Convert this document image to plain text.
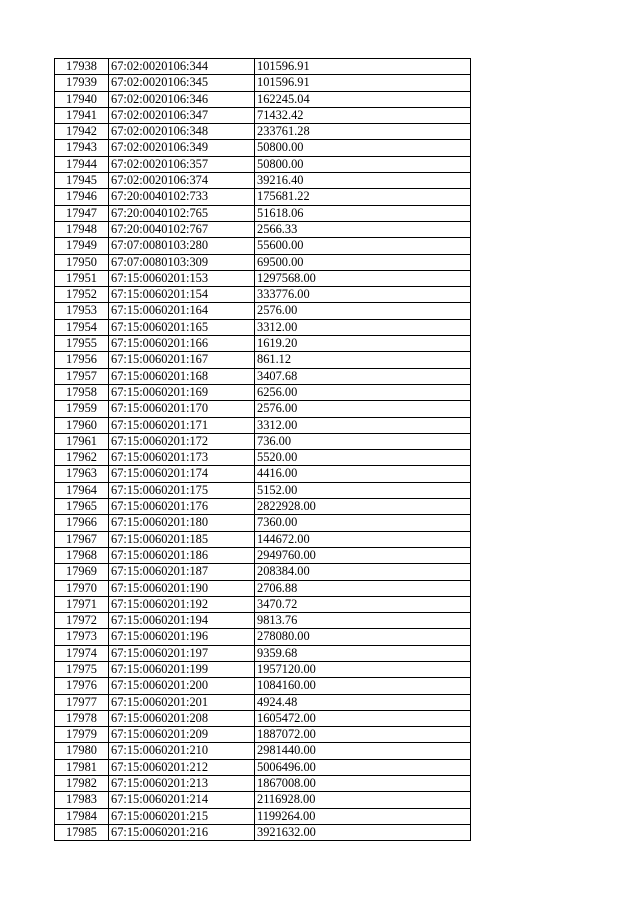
17938	67:02:0020106:344	101596.91
17939	67:02:0020106:345	101596.91
17940	67:02:0020106:346	162245.04
17941	67:02:0020106:347	71432.42
17942	67:02:0020106:348	233761.28
17943	67:02:0020106:349	50800.00
17944	67:02:0020106:357	50800.00
17945	67:02:0020106:374	39216.40
17946	67:20:0040102:733	175681.22
17947	67:20:0040102:765	51618.06
17948	67:20:0040102:767	2566.33
17949	67:07:0080103:280	55600.00
17950	67:07:0080103:309	69500.00
17951	67:15:0060201:153	1297568.00
17952	67:15:0060201:154	333776.00
17953	67:15:0060201:164	2576.00
17954	67:15:0060201:165	3312.00
17955	67:15:0060201:166	1619.20
17956	67:15:0060201:167	861.12
17957	67:15:0060201:168	3407.68
17958	67:15:0060201:169	6256.00
17959	67:15:0060201:170	2576.00
17960	67:15:0060201:171	3312.00
17961	67:15:0060201:172	736.00
17962	67:15:0060201:173	5520.00
17963	67:15:0060201:174	4416.00
17964	67:15:0060201:175	5152.00
17965	67:15:0060201:176	2822928.00
17966	67:15:0060201:180	7360.00
17967	67:15:0060201:185	144672.00
17968	67:15:0060201:186	2949760.00
17969	67:15:0060201:187	208384.00
17970	67:15:0060201:190	2706.88
17971	67:15:0060201:192	3470.72
17972	67:15:0060201:194	9813.76
17973	67:15:0060201:196	278080.00
17974	67:15:0060201:197	9359.68
17975	67:15:0060201:199	1957120.00
17976	67:15:0060201:200	1084160.00
17977	67:15:0060201:201	4924.48
17978	67:15:0060201:208	1605472.00
17979	67:15:0060201:209	1887072.00
17980	67:15:0060201:210	2981440.00
17981	67:15:0060201:212	5006496.00
17982	67:15:0060201:213	1867008.00
17983	67:15:0060201:214	2116928.00
17984	67:15:0060201:215	1199264.00
17985	67:15:0060201:216	3921632.00
